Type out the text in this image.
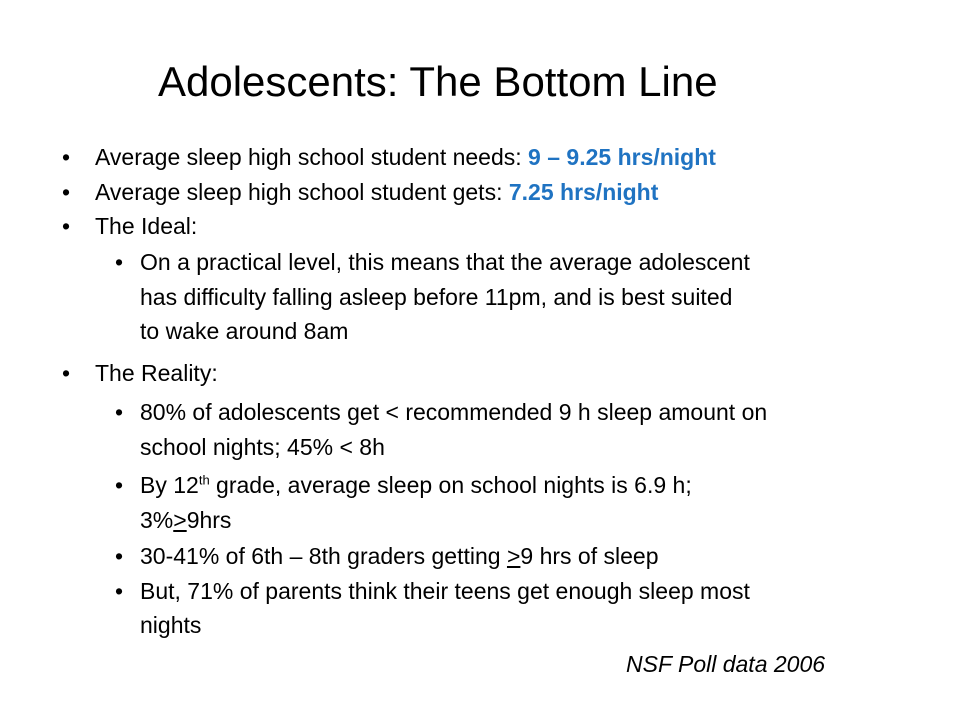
Adolescents: The Bottom Line
•	Average sleep high school student needs: 9 – 9.25 hrs/night
•	Average sleep high school student gets: 7.25 hrs/night
•	The Ideal:
• On a practical level, this means that the average adolescent
has difficulty falling asleep before 11pm, and is best suited
to wake around 8am
•	The Reality:
• 80% of adolescents get < recommended 9 h sleep amount on
school nights; 45% < 8h
• By 12th grade, average sleep on school nights is 6.9 h;
3%>9hrs
• 30-41% of 6th – 8th graders getting >9 hrs of sleep
• But, 71% of parents think their teens get enough sleep most
nights
NSF Poll data 2006
